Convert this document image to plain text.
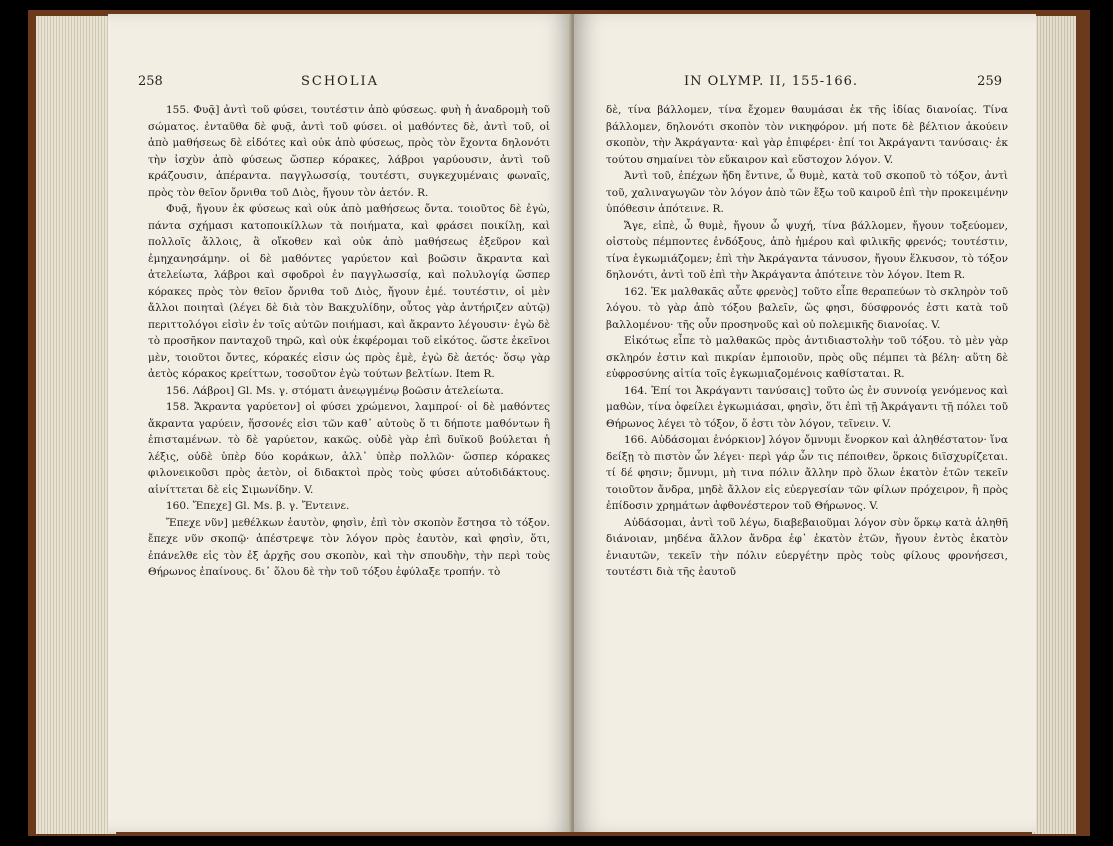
258	SCHOLIA

155. Φυᾷ] ἀντὶ τοῦ φύσει, τουτέστιν ἀπὸ φύσεως. φυὴ ἡ ἀναδρομὴ τοῦ σώματος. ἐνταῦθα δὲ φυᾷ, ἀντὶ τοῦ φύσει. οἱ μαθόντες δὲ, ἀντὶ τοῦ, οἱ ἀπὸ μαθήσεως δὲ εἰδότες καὶ οὐκ ἀπὸ φύσεως, πρὸς τὸν ἔχοντα δηλονότι τὴν ἰσχὺν ἀπὸ φύσεως ὥσπερ κόρακες, λάβροι γαρύουσιν, ἀντὶ τοῦ κράζουσιν, ἀπέραντα. παγγλωσσίᾳ, τουτέστι, συγκεχυμέναις φωναῖς, πρὸς τὸν θεῖον ὄρνιθα τοῦ Διὸς, ἤγουν τὸν ἀετόν. R.

Φυᾷ, ἤγουν ἐκ φύσεως καὶ οὐκ ἀπὸ μαθήσεως ὄντα. τοιοῦτος δὲ ἐγὼ, πάντα σχήμασι κατοποικίλλων τὰ ποιήματα, καὶ φράσει ποικίλῃ, καὶ πολλοῖς ἄλλοις, ἃ οἴκοθεν καὶ οὐκ ἀπὸ μαθήσεως ἐξεῦρον καὶ ἐμηχανησάμην. οἱ δὲ μαθόντες γαρύετον καὶ βοῶσιν ἄκραντα καὶ ἀτελείωτα, λάβροι καὶ σφοδροὶ ἐν παγγλωσσίᾳ, καὶ πολυλογίᾳ ὥσπερ κόρακες πρὸς τὸν θεῖον ὄρνιθα τοῦ Διὸς, ἤγουν ἐμέ. τουτέστιν, οἱ μὲν ἄλλοι ποιηταὶ (λέγει δὲ διὰ τὸν Βακχυλίδην, οὗτος γὰρ ἀντήριζεν αὐτῷ) περιττολόγοι εἰσὶν ἐν τοῖς αὐτῶν ποιήμασι, καὶ ἄκραντο λέγουσιν· ἐγὼ δὲ τὸ προσῆκον πανταχοῦ τηρῶ, καὶ οὐκ ἐκφέρομαι τοῦ εἰκότος. ὥστε ἐκεῖνοι μὲν, τοιοῦτοι ὄντες, κόρακές εἰσιν ὡς πρὸς ἐμὲ, ἐγὼ δὲ ἀετός· ὅσῳ γὰρ ἀετὸς κόρακος κρείττων, τοσοῦτον ἐγὼ τούτων βελτίων. Item R.

156. Λάβροι] Gl. Ms. γ. στόματι ἀνεῳγμένῳ βοῶσιν ἀτελείωτα.

158. Ἄκραντα γαρύετον] οἱ φύσει χρώμενοι, λαμπροί· οἱ δὲ μαθόντες ἄκραντα γαρύειν, ἥσσονές εἰσι τῶν καθ᾽ αὑτοὺς ὅ τι δήποτε μαθόντων ἢ ἐπισταμένων. τὸ δὲ γαρύετον, κακῶς. οὐδὲ γὰρ ἐπὶ δυϊκοῦ βούλεται ἡ λέξις, οὐδὲ ὑπὲρ δύο κοράκων, ἀλλ᾽ ὑπὲρ πολλῶν· ὥσπερ κόρακες φιλονεικοῦσι πρὸς ἀετὸν, οἱ διδακτοὶ πρὸς τοὺς φύσει αὐτοδιδάκτους. αἰνίττεται δὲ εἰς Σιμωνίδην. V.

160. Ἔπεχε] Gl. Ms. β. γ. Ἔντεινε.

Ἔπεχε νῦν] μεθέλκων ἑαυτὸν, φησὶν, ἐπὶ τὸν σκοπὸν ἔστησα τὸ τόξον. ἔπεχε νῦν σκοπῷ· ἀπέστρεψε τὸν λόγον πρὸς ἑαυτὸν, καὶ φησὶν, ὅτι, ἐπάνελθε εἰς τὸν ἐξ ἀρχῆς σου σκοπὸν, καὶ τὴν σπουδὴν, τὴν περὶ τοὺς Θήρωνος ἐπαίνους. δι᾽ ὅλου δὲ τὴν τοῦ τόξου ἐφύλαξε τροπήν. τὸ

IN OLYMP. II, 155-166.	259

δὲ, τίνα βάλλομεν, τίνα ἔχομεν θαυμάσαι ἐκ τῆς ἰδίας διανοίας. Τίνα βάλλομεν, δηλονότι σκοπὸν τὸν νικηφόρον. μή ποτε δὲ βέλτιον ἀκούειν σκοπὸν, τὴν Ἀκράγαντα· καὶ γὰρ ἐπιφέρει· ἐπί τοι Ἀκράγαντι τανύσαις· ἐκ τούτου σημαίνει τὸν εὔκαιρον καὶ εὔστοχον λόγον. V.

Ἀντὶ τοῦ, ἐπέχων ἤδη ἔντινε, ὦ θυμὲ, κατὰ τοῦ σκοποῦ τὸ τόξον, ἀντὶ τοῦ, χαλιναγωγῶν τὸν λόγον ἀπὸ τῶν ἔξω τοῦ καιροῦ ἐπὶ τὴν προκειμένην ὑπόθεσιν ἀπότεινε. R.

Ἄγε, εἰπὲ, ὦ θυμὲ, ἤγουν ὦ ψυχή, τίνα βάλλομεν, ἤγουν τοξεύομεν, οἰστοὺς πέμποντες ἐνδόξους, ἀπὸ ἡμέρου καὶ φιλικῆς φρενός; τουτέστιν, τίνα ἐγκωμιάζομεν; ἐπὶ τὴν Ἀκράγαντα τάνυσον, ἤγουν ἕλκυσον, τὸ τόξον δηλονότι, ἀντὶ τοῦ ἐπὶ τὴν Ἀκράγαντα ἀπότεινε τὸν λόγον. Item R.

162. Ἐκ μαλθακᾶς αὖτε φρενὸς] τοῦτο εἶπε θεραπεύων τὸ σκληρὸν τοῦ λόγου. τὸ γὰρ ἀπὸ τόξου βαλεῖν, ὥς φησι, δύσφρονός ἐστι κατὰ τοῦ βαλλομένου· τῆς οὖν προσηνοῦς καὶ οὐ πολεμικῆς διανοίας. V.

Εἰκότως εἶπε τὸ μαλθακῶς πρὸς ἀντιδιαστολὴν τοῦ τόξου. τὸ μὲν γὰρ σκληρόν ἐστιν καὶ πικρίαν ἐμποιοῦν, πρὸς οὓς πέμπει τὰ βέλη· αὕτη δὲ εὐφροσύνης αἰτία τοῖς ἐγκωμιαζομένοις καθίσταται. R.

164. Ἐπί τοι Ἀκράγαντι τανύσαις] τοῦτο ὡς ἐν συννοίᾳ γενόμενος καὶ μαθὼν, τίνα ὀφείλει ἐγκωμιάσαι, φησὶν, ὅτι ἐπὶ τῇ Ἀκράγαντι τῇ πόλει τοῦ Θήρωνος λέγει τὸ τόξον, ὅ ἐστι τὸν λόγον, τεῖνειν. V.

166. Αὐδάσομαι ἐνόρκιον] λόγον ὄμνυμι ἔνορκον καὶ ἀληθέστατον· ἵνα δείξῃ τὸ πιστὸν ὧν λέγει· περὶ γάρ ὧν τις πέποιθεν, ὅρκοις διϊσχυρίζεται. τί δέ φησιν; ὄμνυμι, μὴ τινα πόλιν ἄλλην πρὸ ὅλων ἑκατὸν ἐτῶν τεκεῖν τοιοῦτον ἄνδρα, μηδὲ ἄλλον εἰς εὐεργεσίαν τῶν φίλων πρόχειρον, ἢ πρὸς ἐπίδοσιν χρημάτων ἀφθονέστερον τοῦ Θήρωνος. V.

Αὐδάσομαι, ἀντὶ τοῦ λέγω, διαβεβαιοῦμαι λόγον σὺν ὅρκῳ κατὰ ἀληθῆ διάνοιαν, μηδένα ἄλλον ἄνδρα ἐφ᾽ ἑκατὸν ἐτῶν, ἤγουν ἐντὸς ἑκατὸν ἐνιαυτῶν, τεκεῖν τὴν πόλιν εὐεργέτην πρὸς τοὺς φίλους φρονήσεσι, τουτέστι διὰ τῆς ἑαυτοῦ
